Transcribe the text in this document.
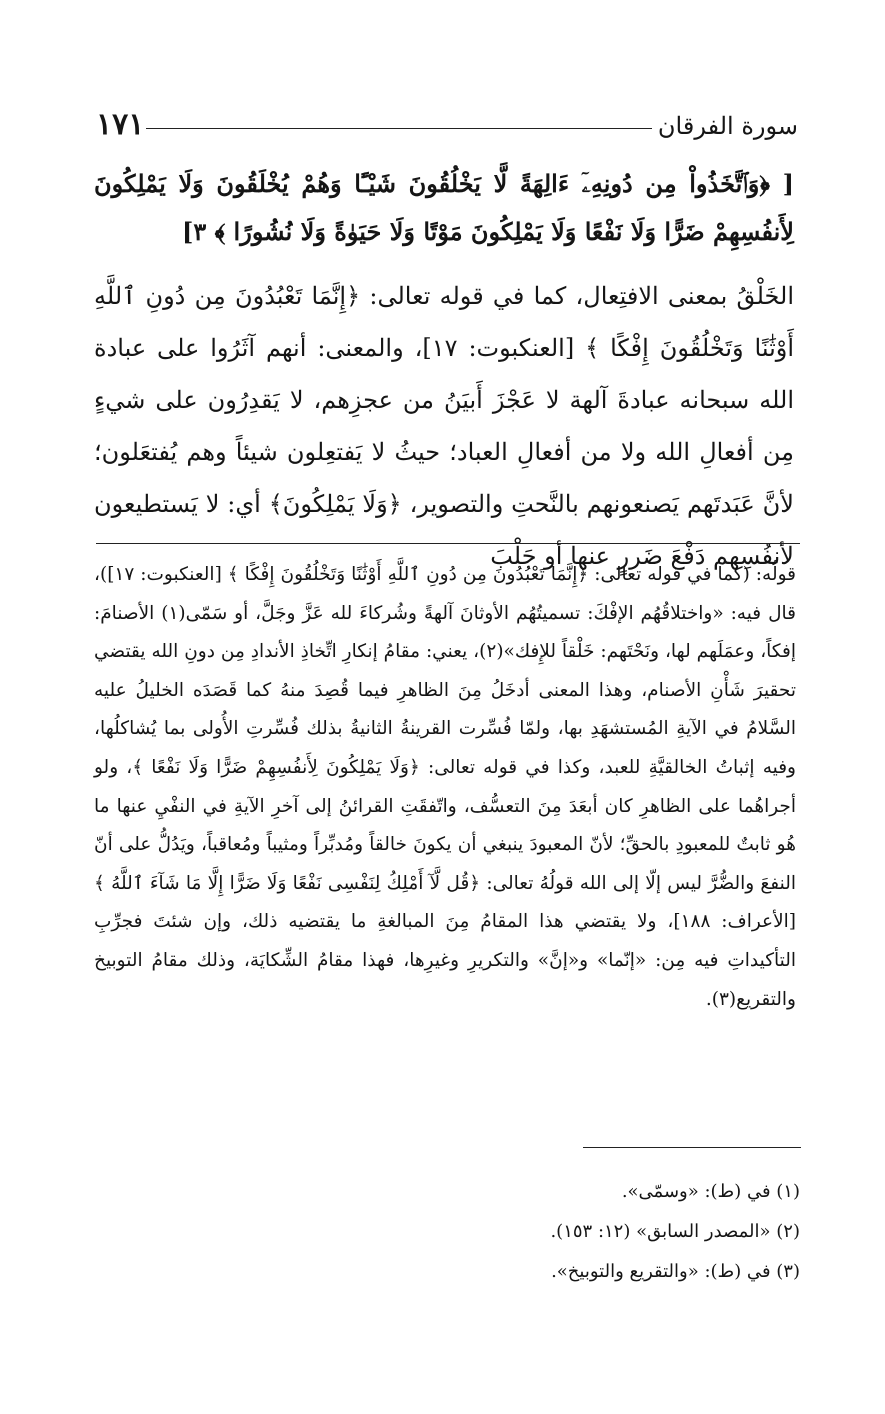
١٧١	سورة الفرقان
[ ﴿وَٱتَّخَذُواْ مِن دُونِهِۦٓ ءَالِهَةً لَّا يَخْلُقُونَ شَيْـًٔا وَهُمْ يُخْلَقُونَ وَلَا يَمْلِكُونَ لِأَنفُسِهِمْ ضَرًّا وَلَا نَفْعًا وَلَا يَمْلِكُونَ مَوْتًا وَلَا حَيَوٰةً وَلَا نُشُورًا ﴾ ٣]

الخَلْقُ بمعنى الافتِعال، كما في قوله تعالى: ﴿إِنَّمَا تَعْبُدُونَ مِن دُونِ ٱللَّهِ أَوْثَٰنًا وَتَخْلُقُونَ إِفْكًا ﴾ [العنكبوت: ١٧]، والمعنى: أنهم آثَرُوا على عبادة الله سبحانه عبادةَ آلهة لا عَجْزَ أَبيَنُ من عجزِهم، لا يَقدِرُون على شيءٍ مِن أفعالِ الله ولا من أفعالِ العباد؛ حيثُ لا يَفتعِلون شيئاً وهم يُفتعَلون؛ لأنَّ عَبَدتَهم يَصنعونهم بالنَّحتِ والتصوير، ﴿وَلَا يَمْلِكُونَ﴾ أي: لا يَستطيعون لأنفُسِهم دَفْعَ ضَررٍ عنها أو جَلْبَ

قولُه: (كما في قوله تعالى: ﴿إِنَّمَا تَعْبُدُونَ مِن دُونِ ٱللَّهِ أَوْثَٰنًا وَتَخْلُقُونَ إِفْكًا ﴾ [العنكبوت: ١٧])، قال فيه: «واختلاقُهُم الإفْكَ: تسميتُهُم الأوثانَ آلهةً وشُركاءَ لله عَزَّ وجَلَّ، أو سَمّى(١) الأصنامَ: إفكاً، وعمَلَهم لها، ونَحْتَهم: خَلْقاً للإِفك»(٢)، يعني: مقامُ إنكارِ اتِّخاذِ الأندادِ مِن دونِ الله يقتضي تحقيرَ شَأْنِ الأصنام، وهذا المعنى أدخَلُ مِنَ الظاهرِ فيما قُصِدَ منهُ كما قَصَدَه الخليلُ عليه السَّلامُ في الآيةِ المُستشهَدِ بها، ولمّا فُسِّرت القرينةُ الثانيةُ بذلك فُسِّرتِ الأُولى بما يُشاكلُها، وفيه إثباتُ الخالقيَّةِ للعبد، وكذا في قوله تعالى: ﴿وَلَا يَمْلِكُونَ لِأَنفُسِهِمْ ضَرًّا وَلَا نَفْعًا ﴾، ولو أجراهُما على الظاهرِ كان أبعَدَ مِنَ التعسُّف، واتّفقَتِ القرائنُ إلى آخرِ الآيةِ في النفْيِ عنها ما هُو ثابتٌ للمعبودِ بالحقِّ؛ لأنّ المعبودَ ينبغي أن يكونَ خالقاً ومُدبِّراً ومثيباً ومُعاقباً، ويَدُلُّ على أنّ النفعَ والضُّرَّ ليس إلّا إلى الله قولُهُ تعالى: ﴿قُل لَّآ أَمْلِكُ لِنَفْسِى نَفْعًا وَلَا ضَرًّا إِلَّا مَا شَآءَ ٱللَّهُ ﴾ [الأعراف: ١٨٨]، ولا يقتضي هذا المقامُ مِنَ المبالغةِ ما يقتضيه ذلك، وإن شئتَ فجرِّبِ التأكيداتِ فيه مِن: «إنّما» و«إنَّ» والتكريرِ وغيرِها، فهذا مقامُ الشِّكايَة، وذلك مقامُ التوبيخ والتقريع(٣).

(١) في (ط): «وسمّى».
(٢) «المصدر السابق» (١٢: ١٥٣).
(٣) في (ط): «والتقريع والتوبيخ».
